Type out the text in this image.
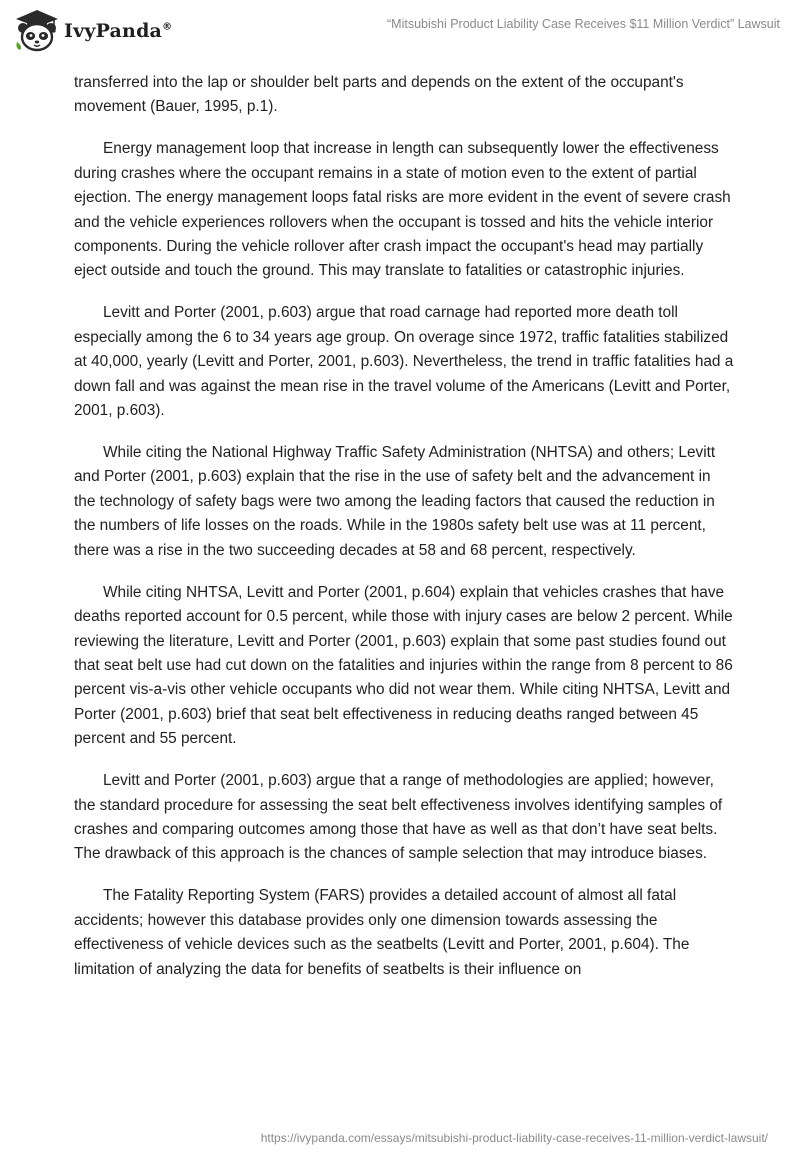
IvyPanda®	“Mitsubishi Product Liability Case Receives $11 Million Verdict” Lawsuit

transferred into the lap or shoulder belt parts and depends on the extent of the occupant's movement (Bauer, 1995, p.1).

Energy management loop that increase in length can subsequently lower the effectiveness during crashes where the occupant remains in a state of motion even to the extent of partial ejection. The energy management loops fatal risks are more evident in the event of severe crash and the vehicle experiences rollovers when the occupant is tossed and hits the vehicle interior components. During the vehicle rollover after crash impact the occupant's head may partially eject outside and touch the ground. This may translate to fatalities or catastrophic injuries.

Levitt and Porter (2001, p.603) argue that road carnage had reported more death toll especially among the 6 to 34 years age group. On overage since 1972, traffic fatalities stabilized at 40,000, yearly (Levitt and Porter, 2001, p.603). Nevertheless, the trend in traffic fatalities had a down fall and was against the mean rise in the travel volume of the Americans (Levitt and Porter, 2001, p.603).

While citing the National Highway Traffic Safety Administration (NHTSA) and others; Levitt and Porter (2001, p.603) explain that the rise in the use of safety belt and the advancement in the technology of safety bags were two among the leading factors that caused the reduction in the numbers of life losses on the roads. While in the 1980s safety belt use was at 11 percent, there was a rise in the two succeeding decades at 58 and 68 percent, respectively.

While citing NHTSA, Levitt and Porter (2001, p.604) explain that vehicles crashes that have deaths reported account for 0.5 percent, while those with injury cases are below 2 percent. While reviewing the literature, Levitt and Porter (2001, p.603) explain that some past studies found out that seat belt use had cut down on the fatalities and injuries within the range from 8 percent to 86 percent vis-a-vis other vehicle occupants who did not wear them. While citing NHTSA, Levitt and Porter (2001, p.603) brief that seat belt effectiveness in reducing deaths ranged between 45 percent and 55 percent.

Levitt and Porter (2001, p.603) argue that a range of methodologies are applied; however, the standard procedure for assessing the seat belt effectiveness involves identifying samples of crashes and comparing outcomes among those that have as well as that don’t have seat belts. The drawback of this approach is the chances of sample selection that may introduce biases.

The Fatality Reporting System (FARS) provides a detailed account of almost all fatal accidents; however this database provides only one dimension towards assessing the effectiveness of vehicle devices such as the seatbelts (Levitt and Porter, 2001, p.604). The limitation of analyzing the data for benefits of seatbelts is their influence on

https://ivypanda.com/essays/mitsubishi-product-liability-case-receives-11-million-verdict-lawsuit/
